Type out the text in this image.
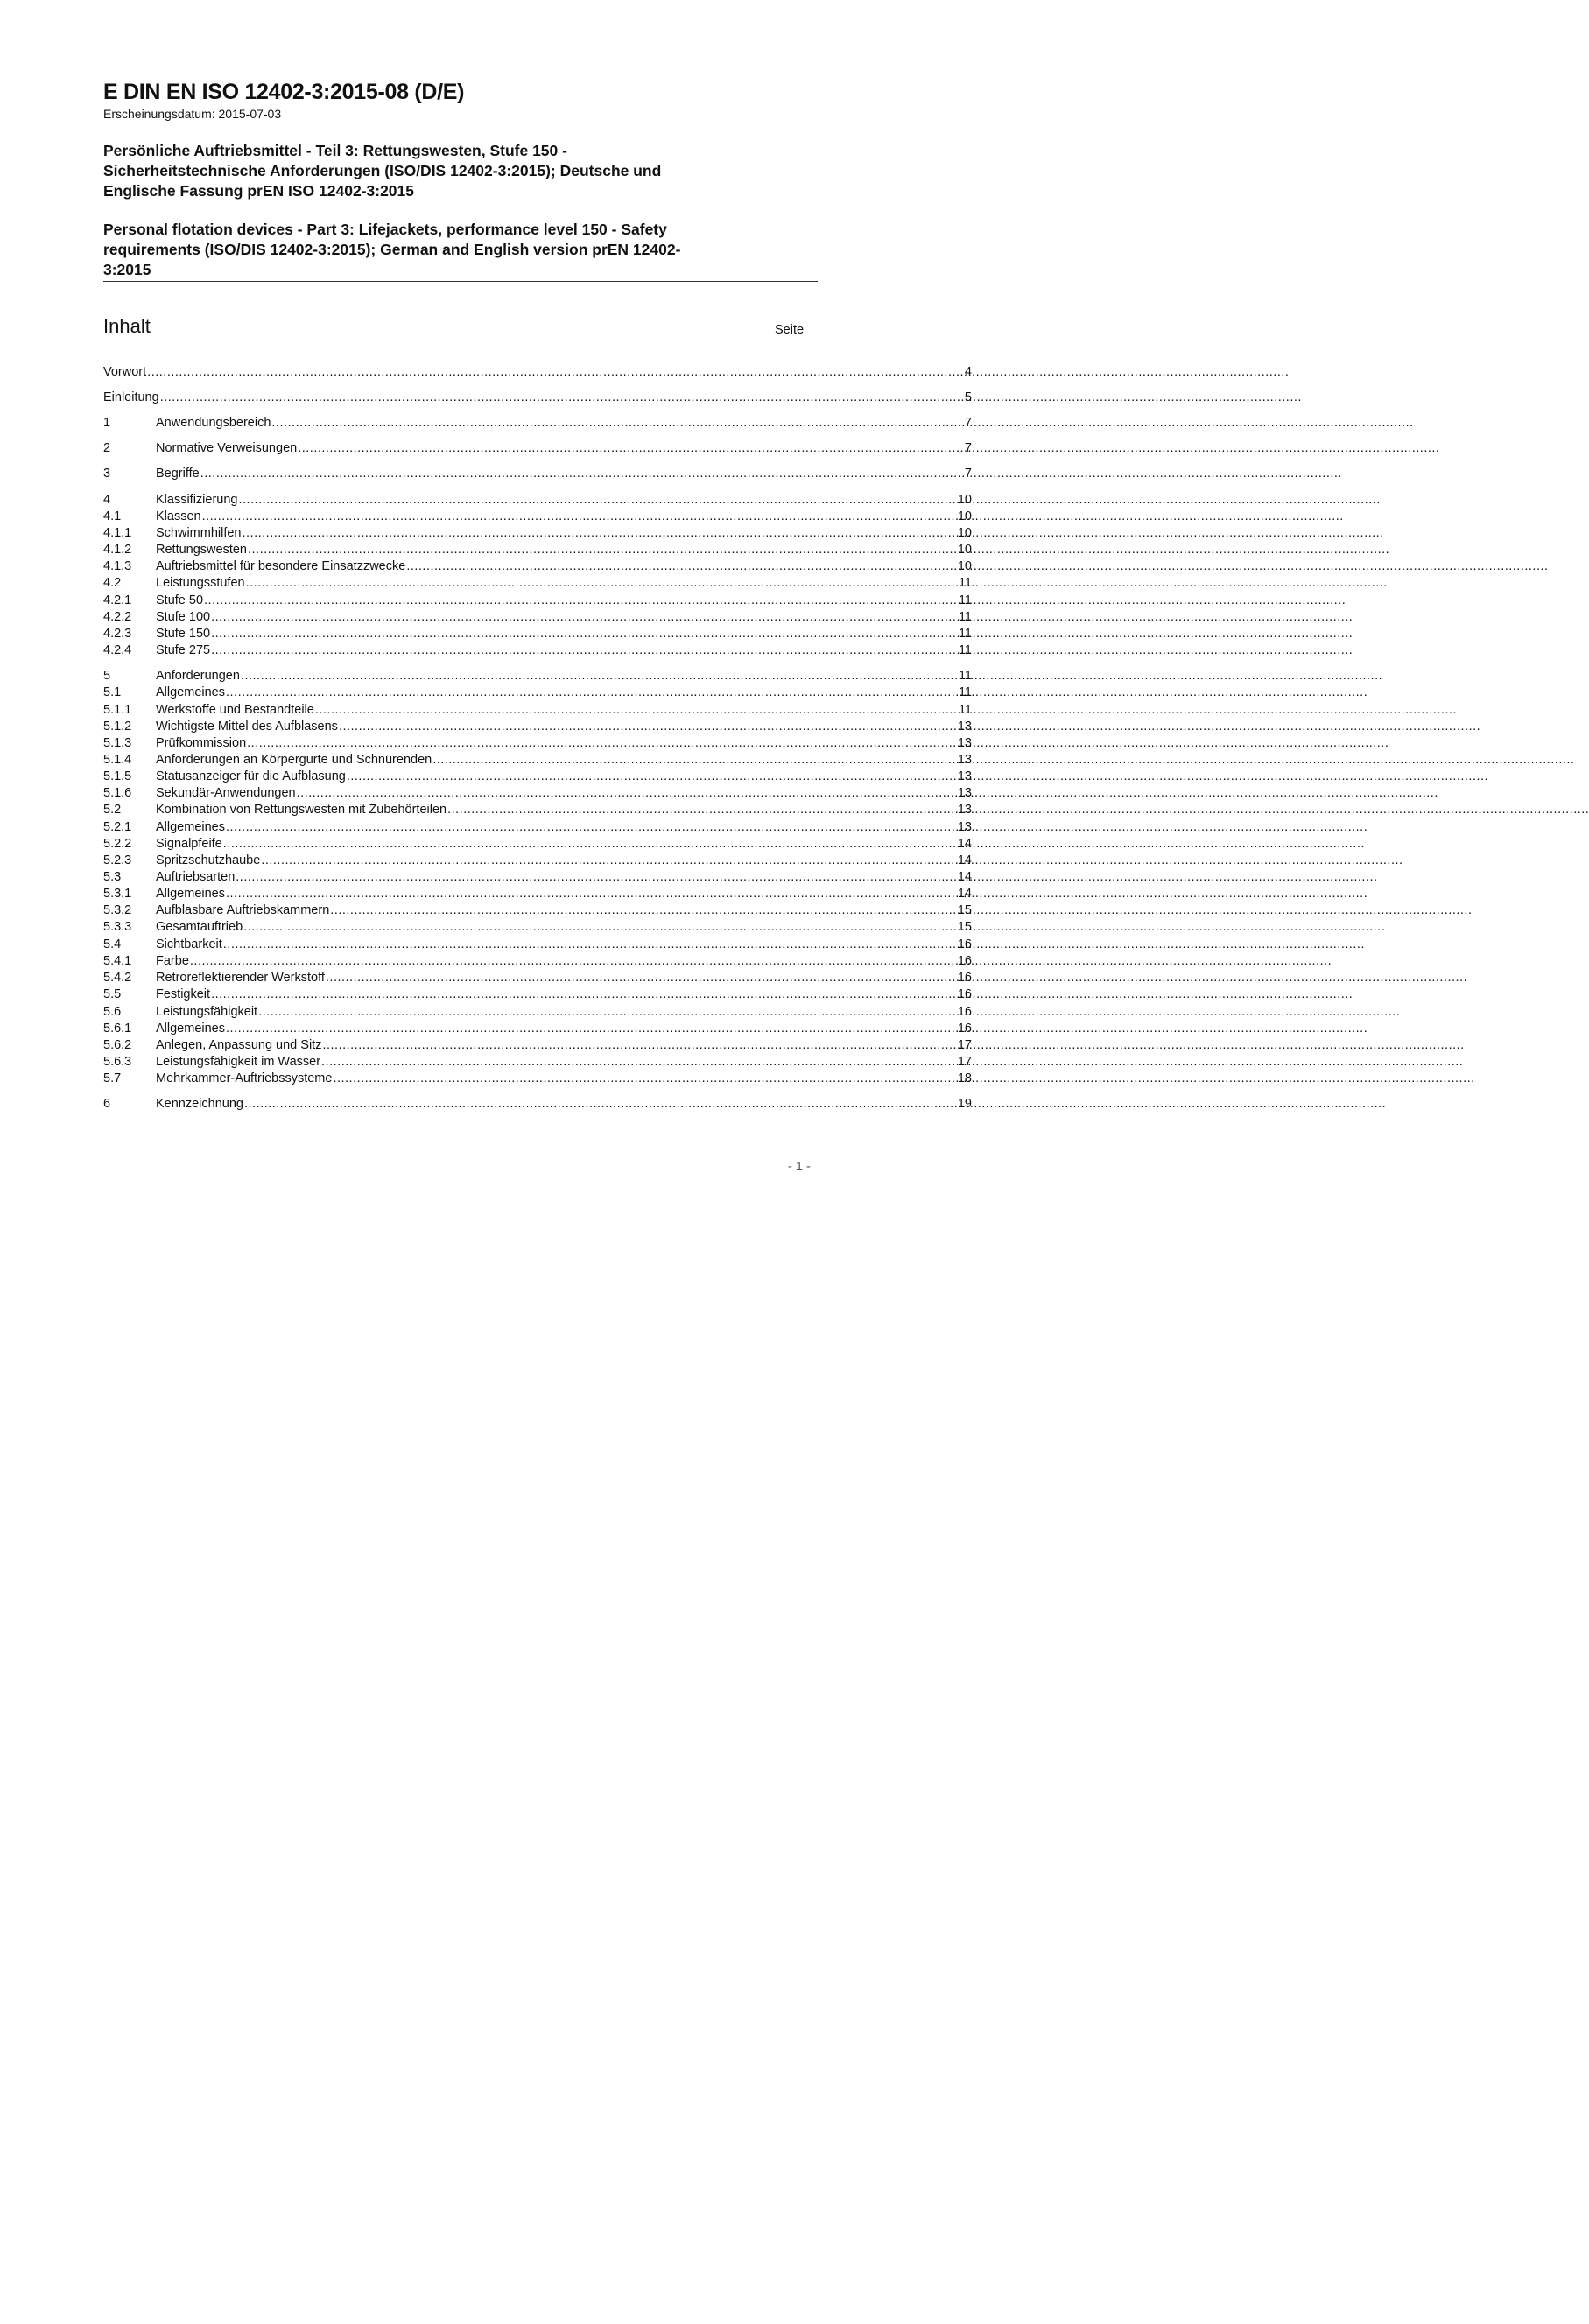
E DIN EN ISO 12402-3:2015-08 (D/E)
Erscheinungsdatum: 2015-07-03
Persönliche Auftriebsmittel - Teil 3: Rettungswesten, Stufe 150 -
Sicherheitstechnische Anforderungen (ISO/DIS 12402-3:2015); Deutsche und
Englische Fassung prEN ISO 12402-3:2015
Personal flotation devices - Part 3: Lifejackets, performance level 150 - Safety
requirements (ISO/DIS 12402-3:2015); German and English version prEN 12402-
3:2015
Inhalt	Seite
Vorwort .....	4
Einleitung .....	5
1	Anwendungsbereich .....	7
2	Normative Verweisungen .....	7
3	Begriffe .....	7
4	Klassifizierung .....	10
4.1	Klassen .....	10
4.1.1	Schwimmhilfen .....	10
4.1.2	Rettungswesten .....	10
4.1.3	Auftriebsmittel für besondere Einsatzzwecke .....	10
4.2	Leistungsstufen .....	11
4.2.1	Stufe 50 .....	11
4.2.2	Stufe 100 .....	11
4.2.3	Stufe 150 .....	11
4.2.4	Stufe 275 .....	11
5	Anforderungen .....	11
5.1	Allgemeines .....	11
5.1.1	Werkstoffe und Bestandteile .....	11
5.1.2	Wichtigste Mittel des Aufblasens .....	13
5.1.3	Prüfkommission .....	13
5.1.4	Anforderungen an Körpergurte und Schnürenden .....	13
5.1.5	Statusanzeiger für die Aufblasung .....	13
5.1.6	Sekundär-Anwendungen .....	13
5.2	Kombination von Rettungswesten mit Zubehörteilen .....	13
5.2.1	Allgemeines .....	13
5.2.2	Signalpfeife .....	14
5.2.3	Spritzschutzhaube .....	14
5.3	Auftriebsarten .....	14
5.3.1	Allgemeines .....	14
5.3.2	Aufblasbare Auftriebskammern .....	15
5.3.3	Gesamtauftrieb .....	15
5.4	Sichtbarkeit .....	16
5.4.1	Farbe .....	16
5.4.2	Retroreflektierender Werkstoff .....	16
5.5	Festigkeit .....	16
5.6	Leistungsfähigkeit .....	16
5.6.1	Allgemeines .....	16
5.6.2	Anlegen, Anpassung und Sitz .....	17
5.6.3	Leistungsfähigkeit im Wasser .....	17
5.7	Mehrkammer-Auftriebssysteme .....	18
6	Kennzeichnung .....	19
- 1 -
